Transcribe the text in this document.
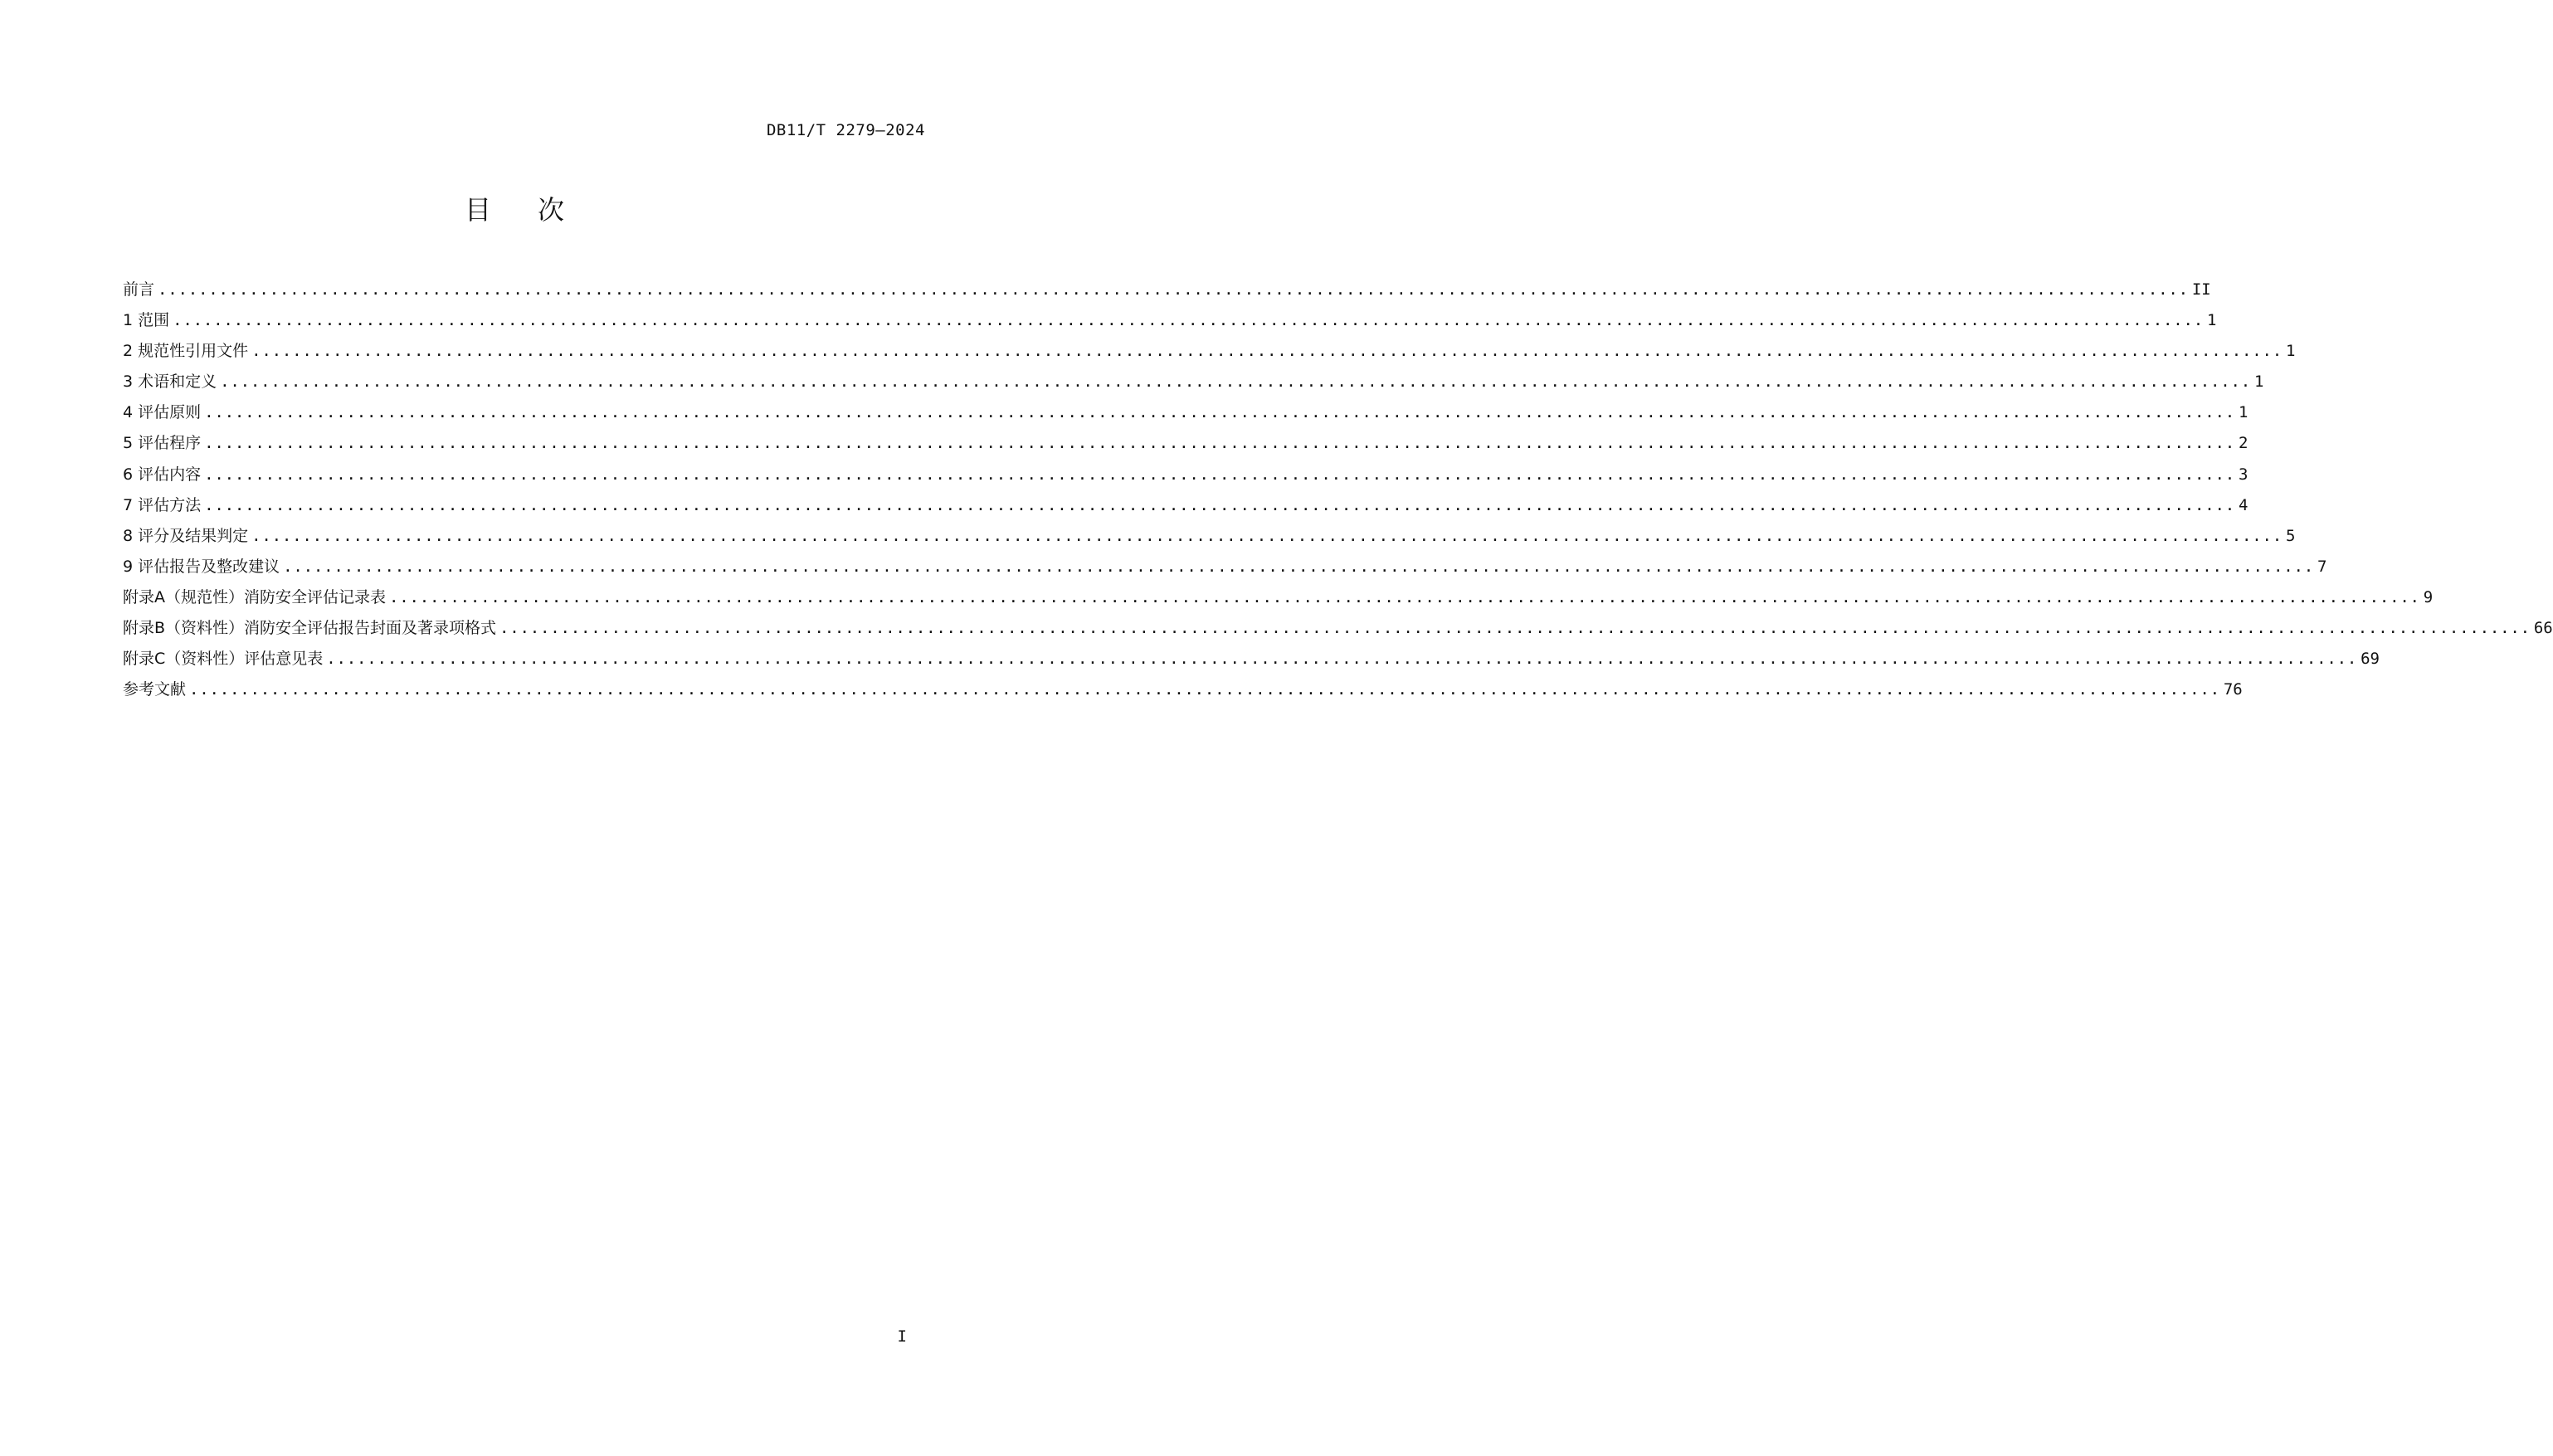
DB11/T 2279—2024
目次
前言 ........................................................................................................................................................................................................ II
1 范围 ........................................................................................................................................................................................................ 1
2 规范性引用文件 ........................................................................................................................................................................................................ 1
3 术语和定义 ........................................................................................................................................................................................................ 1
4 评估原则 ........................................................................................................................................................................................................ 1
5 评估程序 ........................................................................................................................................................................................................ 2
6 评估内容 ........................................................................................................................................................................................................ 3
7 评估方法 ........................................................................................................................................................................................................ 4
8 评分及结果判定 ........................................................................................................................................................................................................ 5
9 评估报告及整改建议 ........................................................................................................................................................................................................ 7
附录A（规范性）消防安全评估记录表 ........................................................................................................................................................................................................ 9
附录B（资料性）消防安全评估报告封面及著录项格式 ........................................................................................................................................................................................................ 66
附录C（资料性）评估意见表 ........................................................................................................................................................................................................ 69
参考文献 ........................................................................................................................................................................................................ 76
I
